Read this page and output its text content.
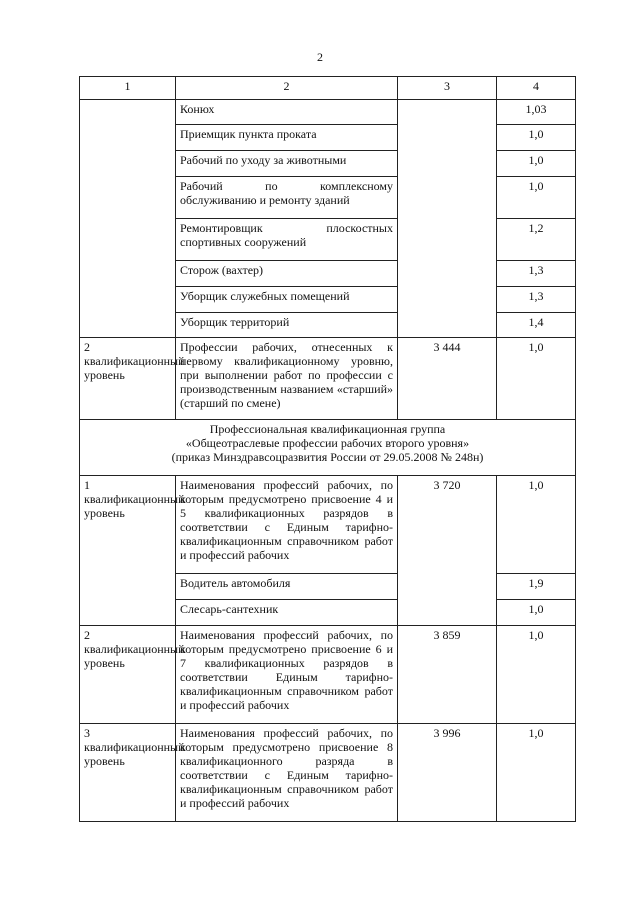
2
1	2	3	4
	Конюх		1,03
	Приемщик пункта проката		1,0
	Рабочий по уходу за животными		1,0
	Рабочий по комплексному обслуживанию и ремонту зданий		1,0
	Ремонтировщик плоскостных спортивных сооружений		1,2
	Сторож (вахтер)		1,3
	Уборщик служебных помещений		1,3
	Уборщик территорий		1,4
2 квалификационный уровень	Профессии рабочих, отнесенных к первому квалификационному уровню, при выполнении работ по профессии с производственным названием «старший» (старший по смене)	3 444	1,0

Профессиональная квалификационная группа
«Общеотраслевые профессии рабочих второго уровня»
(приказ Минздравсоцразвития России от 29.05.2008 № 248н)			

1 квалификационный уровень	Наименования профессий рабочих, по которым предусмотрено присвоение 4 и 5 квалификационных разрядов в соответствии с Единым тарифно-квалификационным справочником работ и профессий рабочих	3 720	1,0
	Водитель автомобиля		1,9
	Слесарь-сантехник		1,0
2 квалификационный уровень	Наименования профессий рабочих, по которым предусмотрено присвоение 6 и 7 квалификационных разрядов в соответствии Единым тарифно-квалификационным справочником работ и профессий рабочих	3 859	1,0
3 квалификационный уровень	Наименования профессий рабочих, по которым предусмотрено присвоение 8 квалификационного разряда в соответствии с Единым тарифно-квалификационным справочником работ и профессий рабочих	3 996	1,0
